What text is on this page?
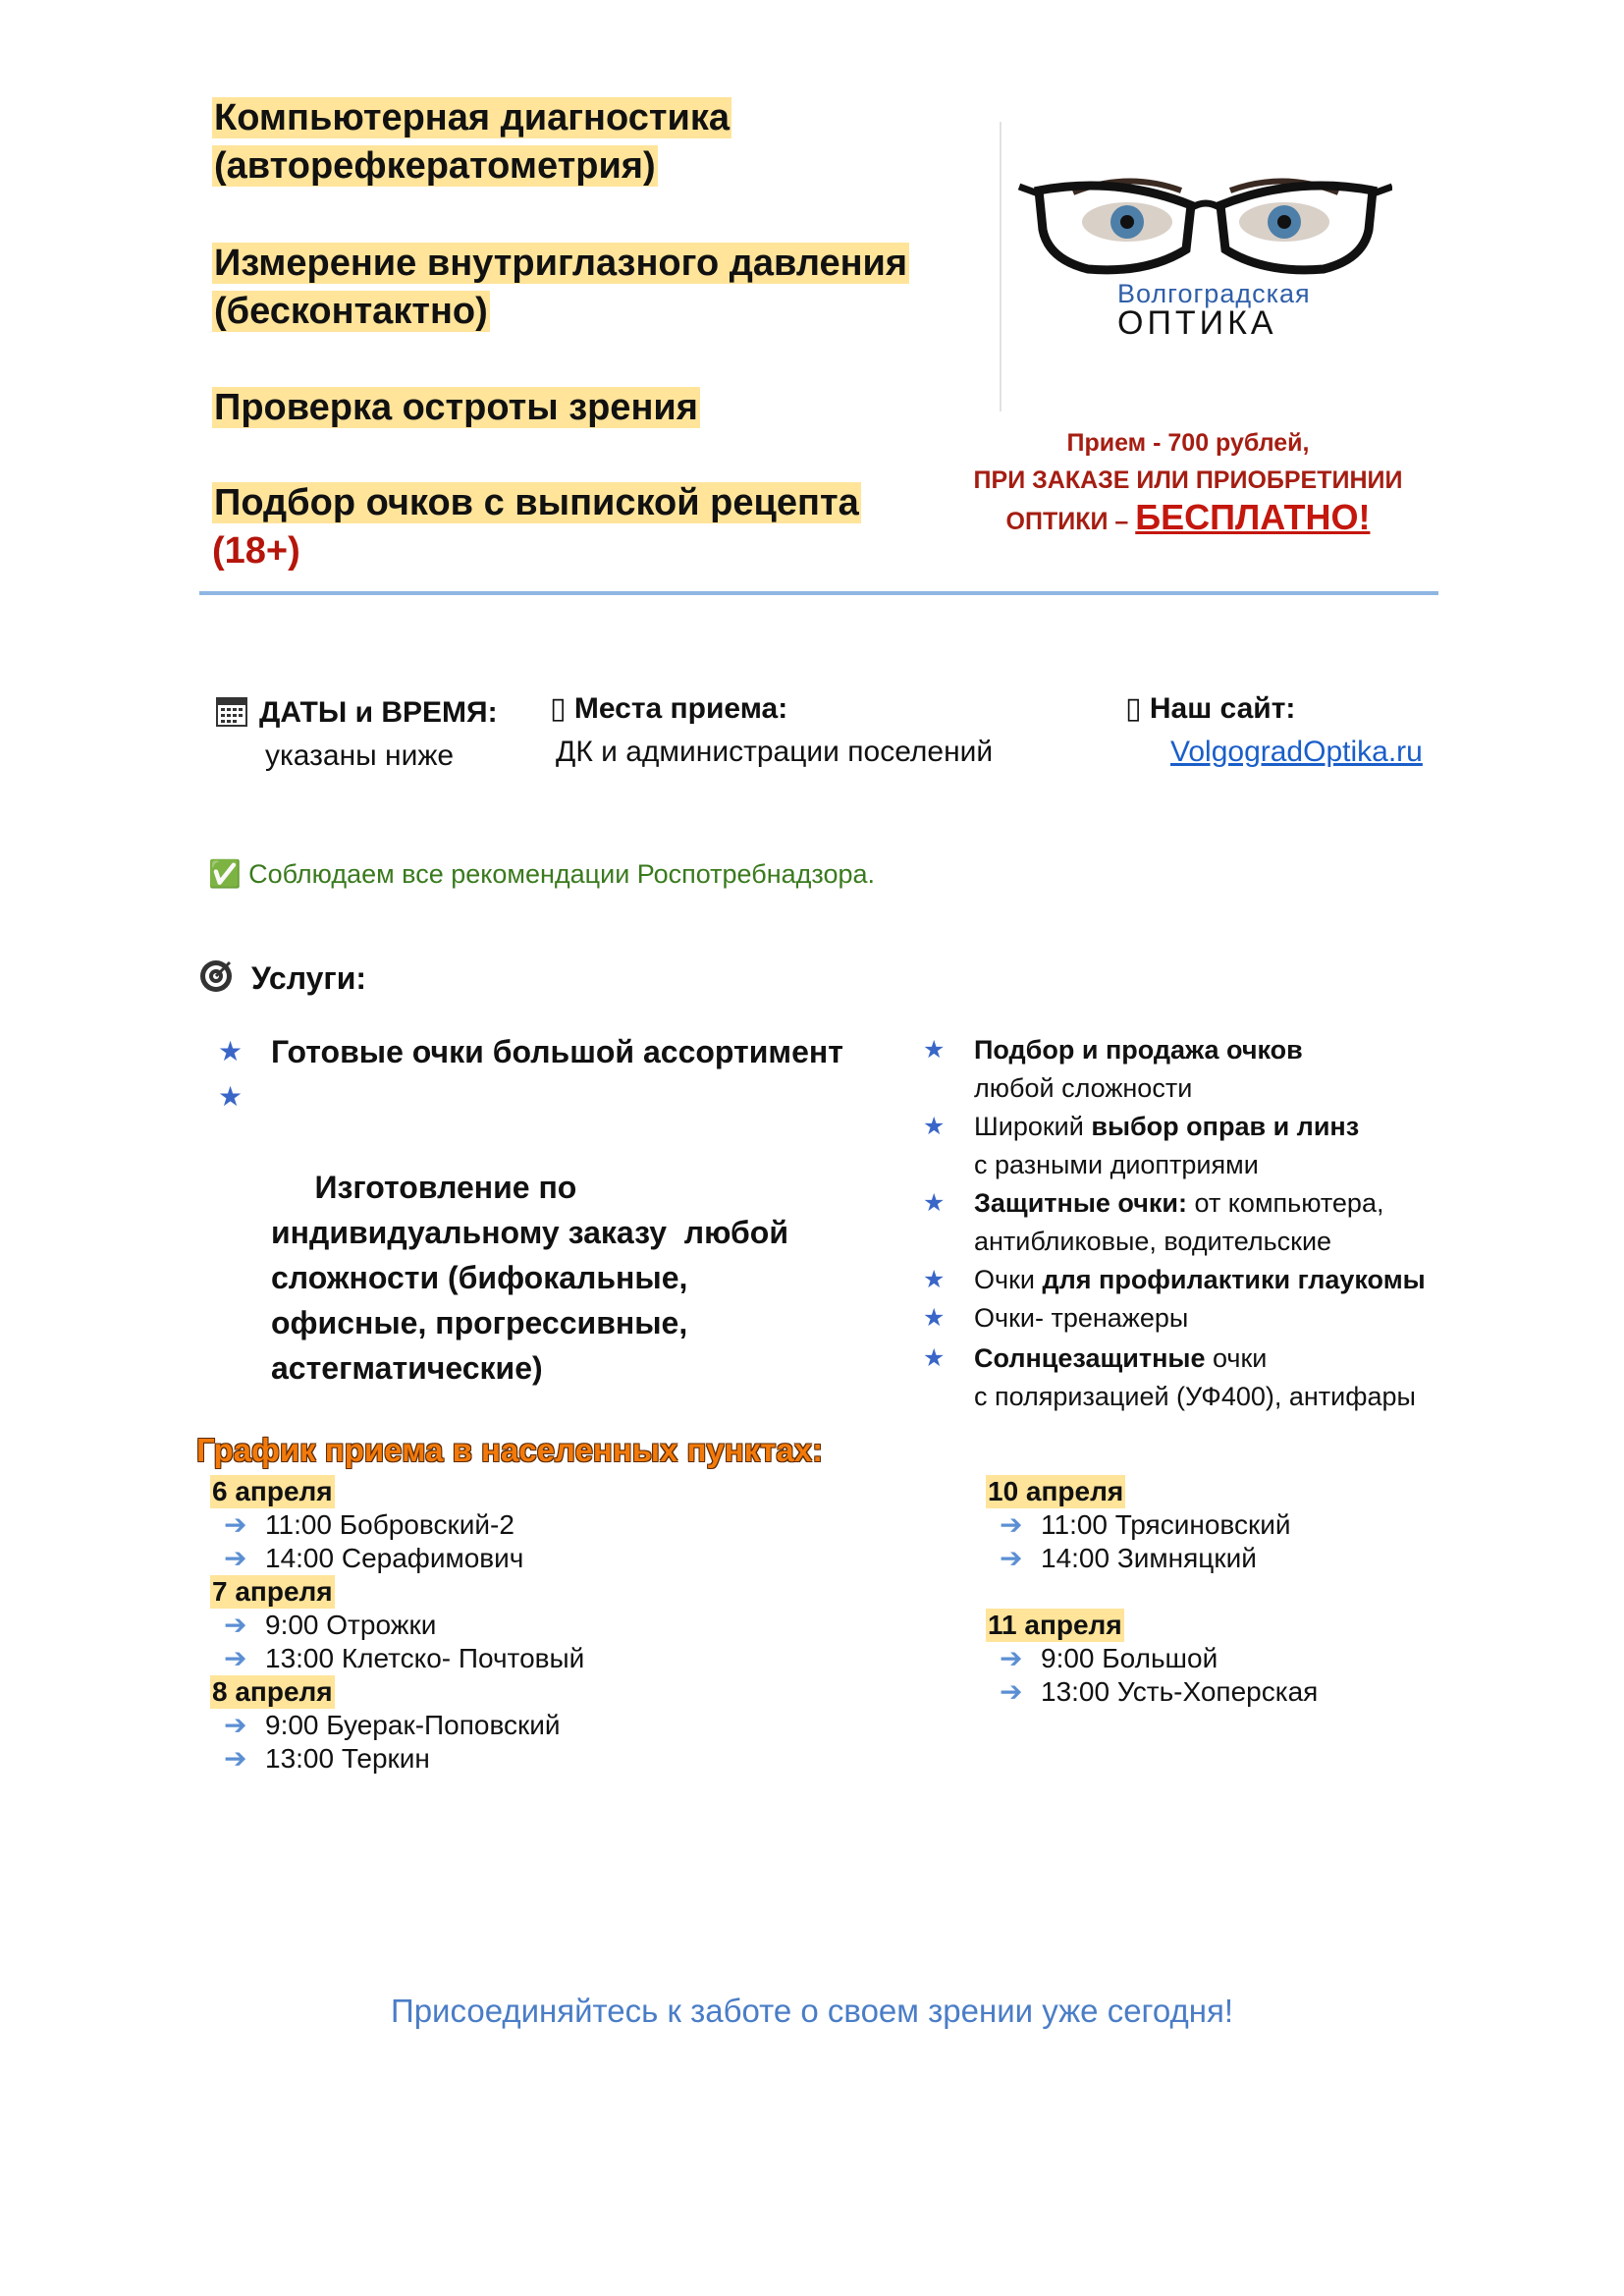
Компьютерная диагностика
(авторефкератометрия)
Измерение внутриглазного давления
(бесконтактно)
Проверка остроты зрения
Подбор очков с выпиской рецепта
(18+)
Волгоградская
ОПТИКА
Прием - 700 рублей,
ПРИ ЗАКАЗЕ ИЛИ ПРИОБРЕТИНИИ
ОПТИКИ – БЕСПЛАТНО!
ДАТЫ и ВРЕМЯ:
указаны ниже
▯ Места приема:
ДК и администрации поселений
▯ Наш сайт:
VolgogradOptika.ru
✅ Соблюдаем все рекомендации Роспотребнадзора.
Услуги:
★ Готовые очки большой ассортимент

★

Изготовление по индивидуальному заказу  любой сложности (бифокальные, офисные, прогрессивные, астегматические)

★ Подбор и продажа очков
любой сложности
★ Широкий выбор оправ и линз
с разными диоптриями
★ Защитные очки: от компьютера,
антибликовые, водительские
★ Очки для профилактики глаукомы
★ Очки- тренажеры
★ Солнцезащитные очки
с поляризацией (УФ400), антифары
График приема в населенных пунктах:
6 апреля
➔ 11:00 Бобровский-2
➔ 14:00 Серафимович
7 апреля
➔ 9:00 Отрожки
➔ 13:00 Клетско- Почтовый
8 апреля
➔ 9:00 Буерак-Поповский
➔ 13:00 Теркин
10 апреля
➔ 11:00 Трясиновский
➔ 14:00 Зимняцкий
11 апреля
➔ 9:00 Большой
➔ 13:00 Усть-Хоперская
Присоединяйтесь к заботе о своем зрении уже сегодня!
